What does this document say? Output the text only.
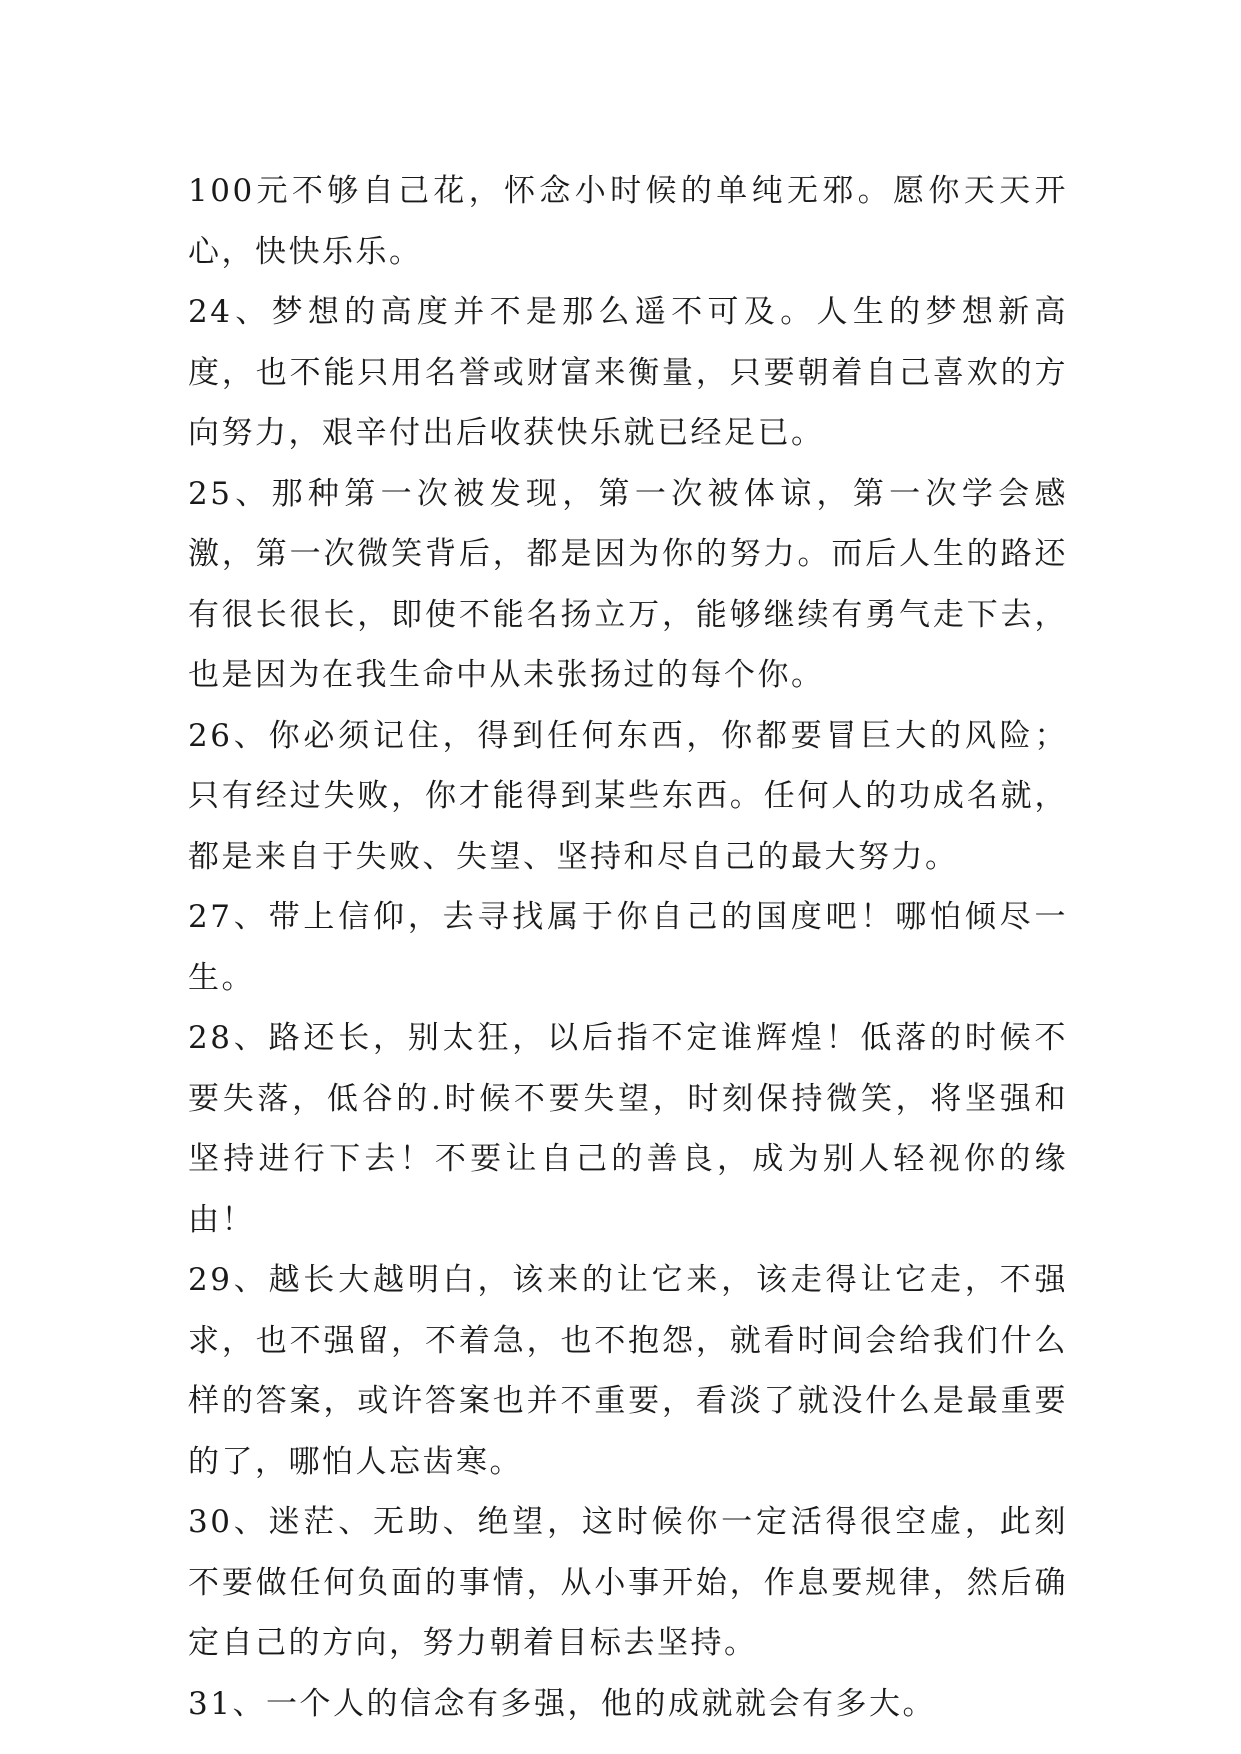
100元不够自己花，怀念小时候的单纯无邪。愿你天天开心，快快乐乐。

24、梦想的高度并不是那么遥不可及。人生的梦想新高度，也不能只用名誉或财富来衡量，只要朝着自己喜欢的方向努力，艰辛付出后收获快乐就已经足已。

25、那种第一次被发现，第一次被体谅，第一次学会感激，第一次微笑背后，都是因为你的努力。而后人生的路还有很长很长，即使不能名扬立万，能够继续有勇气走下去，也是因为在我生命中从未张扬过的每个你。

26、你必须记住，得到任何东西，你都要冒巨大的风险；只有经过失败，你才能得到某些东西。任何人的功成名就，都是来自于失败、失望、坚持和尽自己的最大努力。

27、带上信仰，去寻找属于你自己的国度吧！哪怕倾尽一生。

28、路还长，别太狂，以后指不定谁辉煌！低落的时候不要失落，低谷的.时候不要失望，时刻保持微笑，将坚强和坚持进行下去！不要让自己的善良，成为别人轻视你的缘由！

29、越长大越明白，该来的让它来，该走得让它走，不强求，也不强留，不着急，也不抱怨，就看时间会给我们什么样的答案，或许答案也并不重要，看淡了就没什么是最重要的了，哪怕人忘齿寒。

30、迷茫、无助、绝望，这时候你一定活得很空虚，此刻不要做任何负面的事情，从小事开始，作息要规律，然后确定自己的方向，努力朝着目标去坚持。

31、一个人的信念有多强，他的成就就会有多大。
